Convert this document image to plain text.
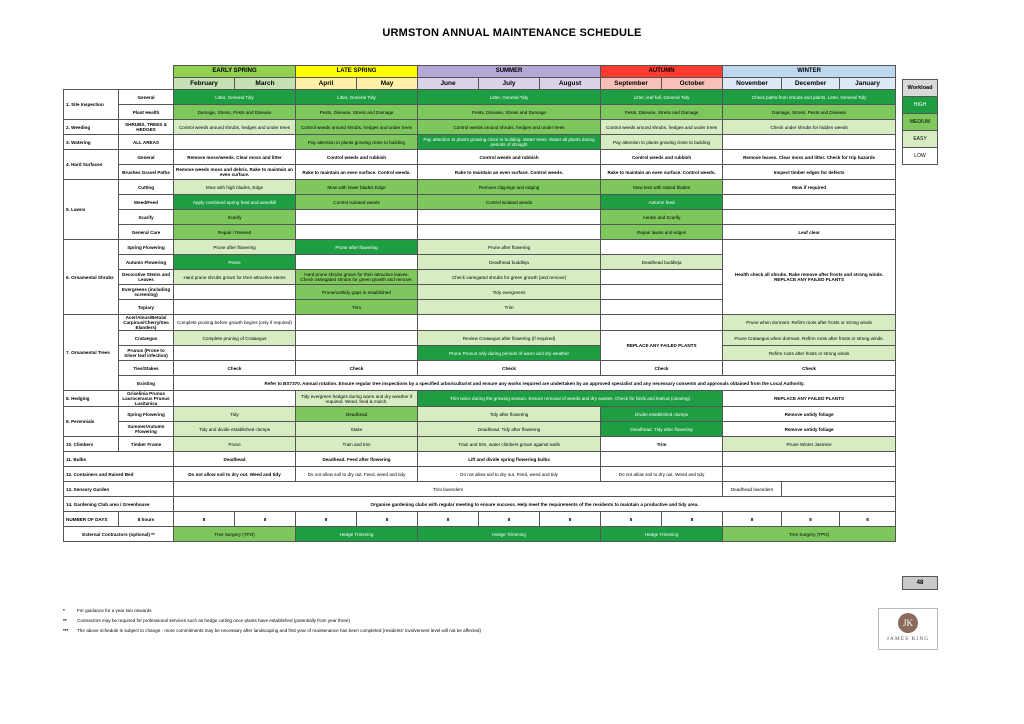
URMSTON ANNUAL MAINTENANCE SCHEDULE
		EARLY SPRING		LATE SPRING		SUMMER			AUTUMN		WINTER		
		February	March	April	May	June	July	August	September	October	November	December	January
1. Site Inspection	General	Litter, General Tidy		Litter, General Tidy		Litter, General Tidy			Litter, leaf fall, General Tidy		Check paths from shrubs and plants, Litter, General Tidy		
	Plant Health	Damage, Stress, Pests and Disease		Pests, Disease, Stress and Damage		Pests, Disease, Stress and Damage			Pests, Disease, Stress and Damage		Damage, Stress, Pests and Disease		
2. Weeding	SHRUBS, TREES & HEDGES	Control weeds around shrubs, hedges and under trees		Control weeds around shrubs, hedges and under trees		Control weeds around shrubs, hedges and under trees			Control weeds around shrubs, hedges and under trees		Check under shrubs for hidden weeds		
3. Watering	ALL AREAS			Pay attention to plants growing close to building		Pay attention to plants growing close to building. Water trees. Water all plants during periods of drought			Pay attention to plants growing close to building				
4. Hard Surfaces	General	Remove moss/weeds. Clear moss and litter		Control weeds and rubbish		Control weeds and rubbish			Control weeds and rubbish		Remove leaves. Clear moss and litter. Check for trip hazards		
	Brushes Gravel Paths	Remove weeds moss and debris. Rake to maintain an even surface.		Rake to maintain an even surface. Control weeds.		Rake to maintain an even surface. Control weeds.			Rake to maintain an even surface. Control weeds.		Inspect timber edges for defects		
5. Lawns	Cutting	Mow with high blades, Edge		Mow with lower blades Edge		Remove clippings and edging			Mow less with raised blades		Mow if required		
	Weed/Feed	Apply combined spring feed and weedkill		Control isolated weeds		Control isolated weeds			Autumn feed				
	Scarify	Scarify							Aerate and Scarify				
	General Care	Repair / Reseed							Repair lawns and edges		Leaf clear		
6. Ornamental Shrubs	Spring Flowering	Prune after flowering		Prune after flowering		Prune after flowering					Health check all shrubs. Rake remove after frosts and strong winds. REPLACE ANY FAILED PLANTS		
	Autumn Flowering	Prune				Deadhead buddleja			Deadhead buddleja				
	Decorative Stems and Leaves	Hard prune shrubs grown for their attractive stems		Hard prune shrubs grown for their attractive leaves. Check variegated shrubs for green growth and remove.		Check variegated shrubs for green growth (and remove)							
	Evergreens (including screening)			Prune/cut/tidy gaps in established		Tidy evergreens							
	Topiary			Trim		Trim							
7. Ornamental Trees	Acer/Alnus/Betula/ Carpinus/Cherry/Sea Elanders)	Complete pruning before growth begins (only if required)									Prune when dormant. Refirm roots after frosts or strong winds		
	Crataegus	Complete pruning of Crataegus				Review Crataegus after flowering (if required)			REPLACE ANY FAILED PLANTS		Prune Crataegus when dormant. Refirm roots after frosts or strong winds.		
	Prunus (Prone to Silver leaf infection)					Prune Prunus only during periods of warm and dry weather					Refirm roots after frosts or strong winds		
	Ties/Stakes	Check		Check		Check			Check		Check		
	Existing	Refer to BS7370. Annual rotation. Ensure regular tree inspections by a specified arboriculturist and ensure any works required are undertaken by an approved specialist and any necessary consents and approvals obtained from the Local Authority.											
8. Hedging	Griselinia Prunus Laurocerasus Prunus Lusitanica			Tidy evergreen hedges during warm and dry weather if required. Weed, feed & mulch.		Trim twice during the growing season. Ensure removal of weeds and dry wastes. Check for birds and leafcut (clearing)					REPLACE ANY FAILED PLANTS		
9. Perennials	Spring Flowering	Tidy		Deadhead		Tidy after flowering			Divide established clumps		Remove untidy foliage		
	Summer/Autumn Flowering	Tidy and divide established clumps		Stake		Deadhead. Tidy after flowering			Deadhead. Tidy after flowering		Remove untidy foliage		
10. Climbers	Timber Frame	Prune		Train and trim		Train and trim, water climbers grown against walls			Trim		Prune Winter Jasmine		
11. Bulbs		Deadhead		Deadhead. Feed after flowering		Lift and divide spring flowering bulbs							
12. Containers and Raised Bed		Do not allow soil to dry out. Weed and tidy		Do not allow soil to dry out. Feed, weed and tidy		Do not allow soil to dry out. Feed, weed and tidy			Do not allow soil to dry out. Weed and tidy				
13. Sensory Garden		Trim lavenders									Deadhead lavenders		
14. Gardening Club area / Greenhouse		Organise gardening clubs with regular meeting to ensure success. Help meet the requirements of the residents to maintain a productive and tidy area.											
NUMBER OF DAYS	8 hours	8	8	8	8	8	8	8	8	8	8	8	8
External Contractors (optional) **		Tree Surgery (TPO)		Hedge Trimming		Hedge Trimming			Hedge Trimming		Tree Surgery (TPO)		
Workload
HIGH
MEDIUM
EASY
LOW
48
*	For guidance for a year two onwards
** Contractors may be required for professional services such as hedge cutting once plants have established (potentially from year three)
*** The above schedule is subject to change - more commitments may be necessary after landscaping and first year of maintenance has been completed (residents' involvement level will not be affected)
JK
JAMES KING
